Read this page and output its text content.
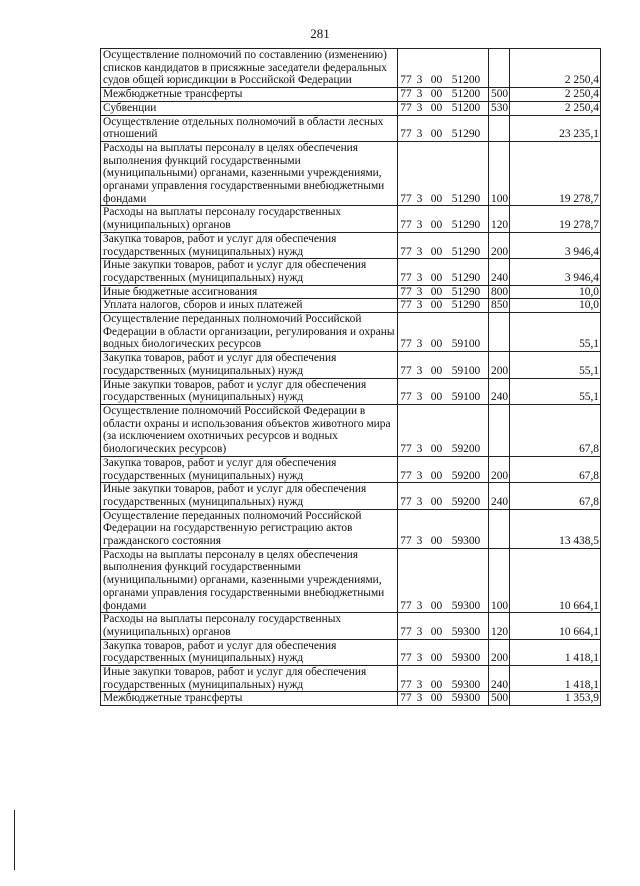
281
Осуществление полномочий по составлению (изменению) списков кандидатов в присяжные заседатели федеральных судов общей юрисдикции в Российской Федерации	77 3 00 51200		2 250,4
Межбюджетные трансферты	77 3 00 51200	500	2 250,4
Субвенции	77 3 00 51200	530	2 250,4
Осуществление отдельных полномочий в области лесных отношений	77 3 00 51290		23 235,1
Расходы на выплаты персоналу в целях обеспечения выполнения функций государственными (муниципальными) органами, казенными учреждениями, органами управления государственными внебюджетными фондами	77 3 00 51290	100	19 278,7
Расходы на выплаты персоналу государственных (муниципальных) органов	77 3 00 51290	120	19 278,7
Закупка товаров, работ и услуг для обеспечения государственных (муниципальных) нужд	77 3 00 51290	200	3 946,4
Иные закупки товаров, работ и услуг для обеспечения государственных (муниципальных) нужд	77 3 00 51290	240	3 946,4
Иные бюджетные ассигнования	77 3 00 51290	800	10,0
Уплата налогов, сборов и иных платежей	77 3 00 51290	850	10,0
Осуществление переданных полномочий Российской Федерации в области организации, регулирования и охраны водных биологических ресурсов	77 3 00 59100		55,1
Закупка товаров, работ и услуг для обеспечения государственных (муниципальных) нужд	77 3 00 59100	200	55,1
Иные закупки товаров, работ и услуг для обеспечения государственных (муниципальных) нужд	77 3 00 59100	240	55,1
Осуществление полномочий Российской Федерации в области охраны и использования объектов животного мира (за исключением охотничьих ресурсов и водных биологических ресурсов)	77 3 00 59200		67,8
Закупка товаров, работ и услуг для обеспечения государственных (муниципальных) нужд	77 3 00 59200	200	67,8
Иные закупки товаров, работ и услуг для обеспечения государственных (муниципальных) нужд	77 3 00 59200	240	67,8
Осуществление переданных полномочий Российской Федерации на государственную регистрацию актов гражданского состояния	77 3 00 59300		13 438,5
Расходы на выплаты персоналу в целях обеспечения выполнения функций государственными (муниципальными) органами, казенными учреждениями, органами управления государственными внебюджетными фондами	77 3 00 59300	100	10 664,1
Расходы на выплаты персоналу государственных (муниципальных) органов	77 3 00 59300	120	10 664,1
Закупка товаров, работ и услуг для обеспечения государственных (муниципальных) нужд	77 3 00 59300	200	1 418,1
Иные закупки товаров, работ и услуг для обеспечения государственных (муниципальных) нужд	77 3 00 59300	240	1 418,1
Межбюджетные трансферты	77 3 00 59300	500	1 353,9
